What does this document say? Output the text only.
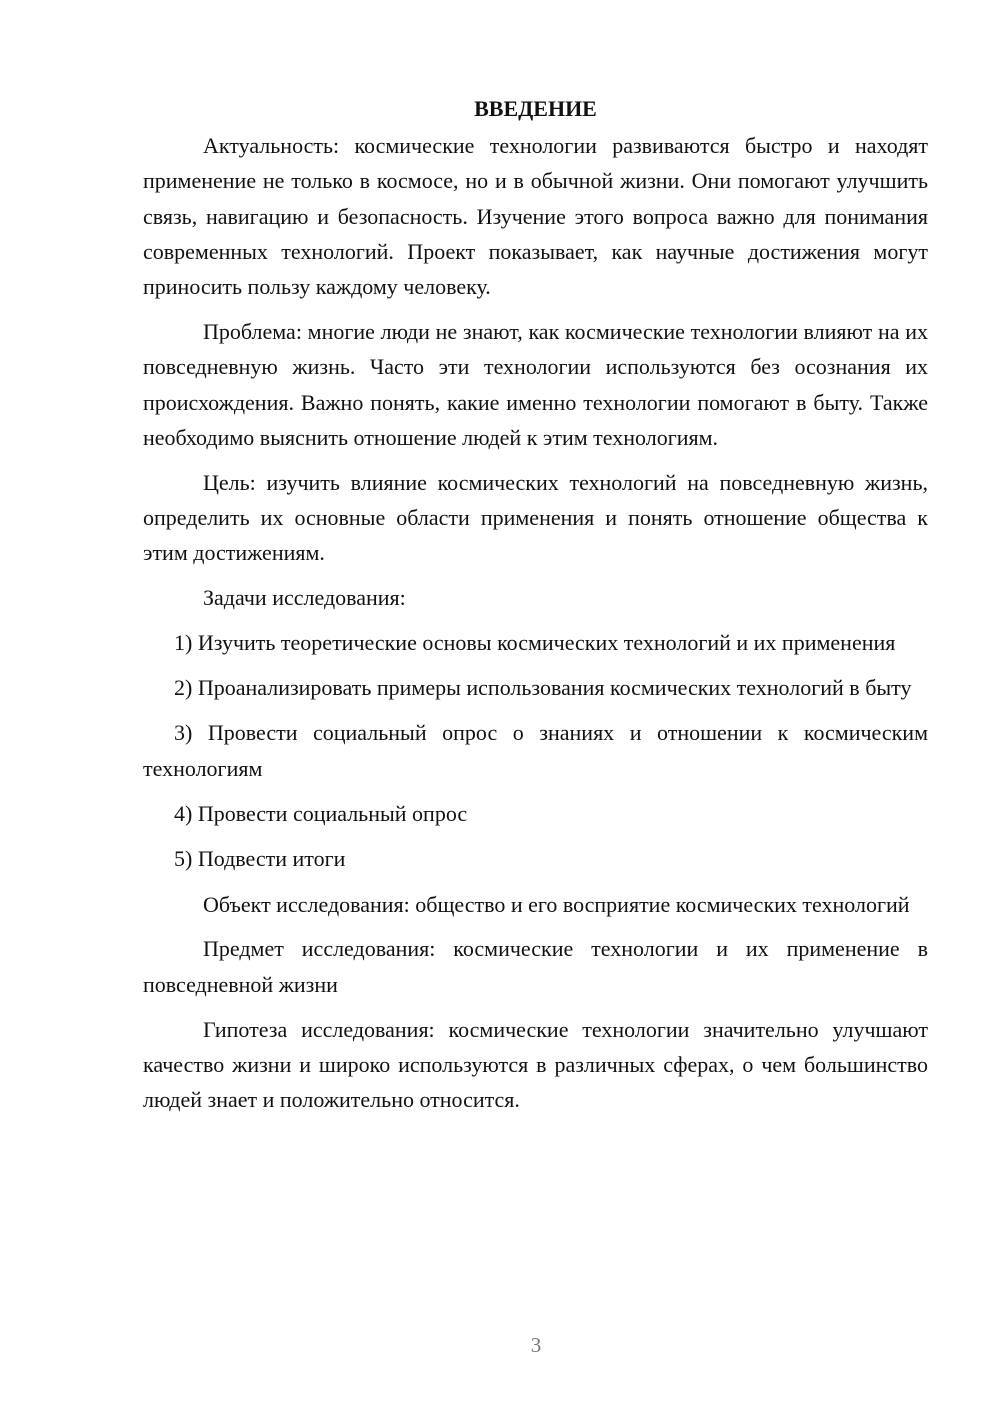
ВВЕДЕНИЕ

Актуальность: космические технологии развиваются быстро и находят применение не только в космосе, но и в обычной жизни. Они помогают улучшить связь, навигацию и безопасность. Изучение этого вопроса важно для понимания современных технологий. Проект показывает, как научные достижения могут приносить пользу каждому человеку.

Проблема: многие люди не знают, как космические технологии влияют на их повседневную жизнь. Часто эти технологии используются без осознания их происхождения. Важно понять, какие именно технологии помогают в быту. Также необходимо выяснить отношение людей к этим технологиям.

Цель: изучить влияние космических технологий на повседневную жизнь, определить их основные области применения и понять отношение общества к этим достижениям.

Задачи исследования:

1) Изучить теоретические основы космических технологий и их применения

2) Проанализировать примеры использования космических технологий в быту

3) Провести социальный опрос о знаниях и отношении к космическим технологиям

4) Провести социальный опрос

5) Подвести итоги

Объект исследования: общество и его восприятие космических технологий

Предмет исследования: космические технологии и их применение в повседневной жизни

Гипотеза исследования: космические технологии значительно улучшают качество жизни и широко используются в различных сферах, о чем большинство людей знает и положительно относится.

3
